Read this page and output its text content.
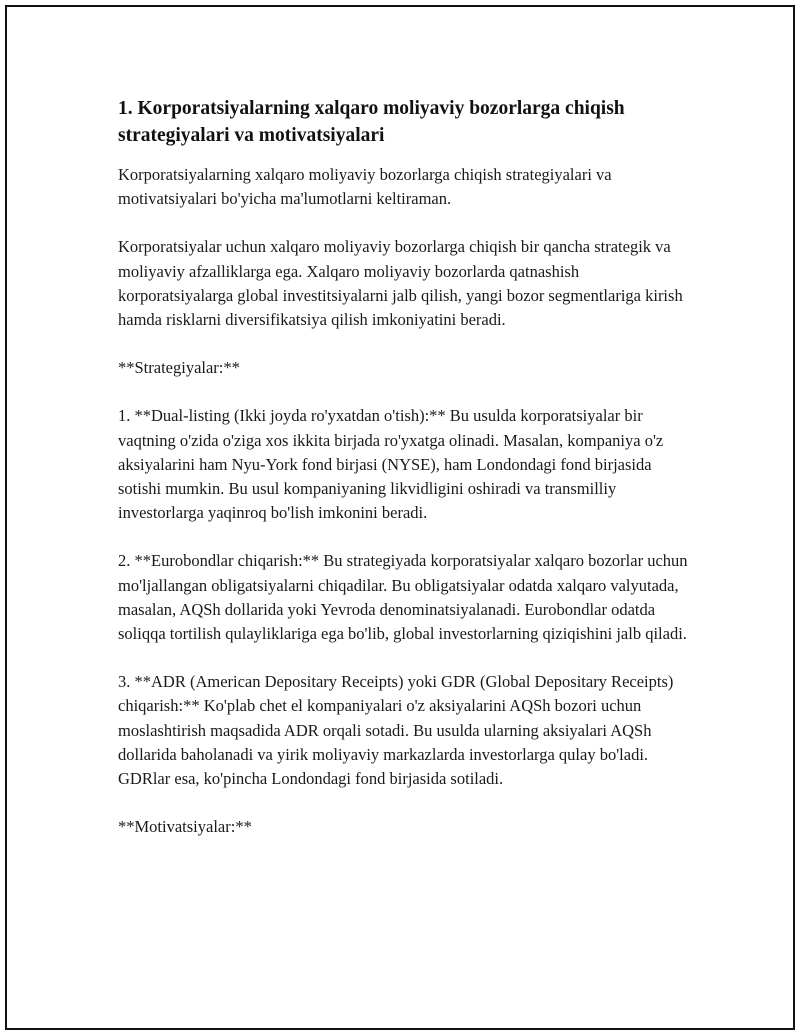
1. Korporatsiyalarning xalqaro moliyaviy bozorlarga chiqish strategiyalari va motivatsiyalari

Korporatsiyalarning xalqaro moliyaviy bozorlarga chiqish strategiyalari va motivatsiyalari bo'yicha ma'lumotlarni keltiraman.

Korporatsiyalar uchun xalqaro moliyaviy bozorlarga chiqish bir qancha strategik va moliyaviy afzalliklarga ega. Xalqaro moliyaviy bozorlarda qatnashish korporatsiyalarga global investitsiyalarni jalb qilish, yangi bozor segmentlariga kirish hamda risklarni diversifikatsiya qilish imkoniyatini beradi.

**Strategiyalar:**

1. **Dual-listing (Ikki joyda ro'yxatdan o'tish):** Bu usulda korporatsiyalar bir vaqtning o'zida o'ziga xos ikkita birjada ro'yxatga olinadi. Masalan, kompaniya o'z aksiyalarini ham Nyu-York fond birjasi (NYSE), ham Londondagi fond birjasida sotishi mumkin. Bu usul kompaniyaning likvidligini oshiradi va transmilliy investorlarga yaqinroq bo'lish imkonini beradi.

2. **Eurobondlar chiqarish:** Bu strategiyada korporatsiyalar xalqaro bozorlar uchun mo'ljallangan obligatsiyalarni chiqadilar. Bu obligatsiyalar odatda xalqaro valyutada, masalan, AQSh dollarida yoki Yevroda denominatsiyalanadi. Eurobondlar odatda soliqqa tortilish qulayliklariga ega bo'lib, global investorlarning qiziqishini jalb qiladi.

3. **ADR (American Depositary Receipts) yoki GDR (Global Depositary Receipts) chiqarish:** Ko'plab chet el kompaniyalari o'z aksiyalarini AQSh bozori uchun moslashtirish maqsadida ADR orqali sotadi. Bu usulda ularning aksiyalari AQSh dollarida baholanadi va yirik moliyaviy markazlarda investorlarga qulay bo'ladi. GDRlar esa, ko'pincha Londondagi fond birjasida sotiladi.

**Motivatsiyalar:**
